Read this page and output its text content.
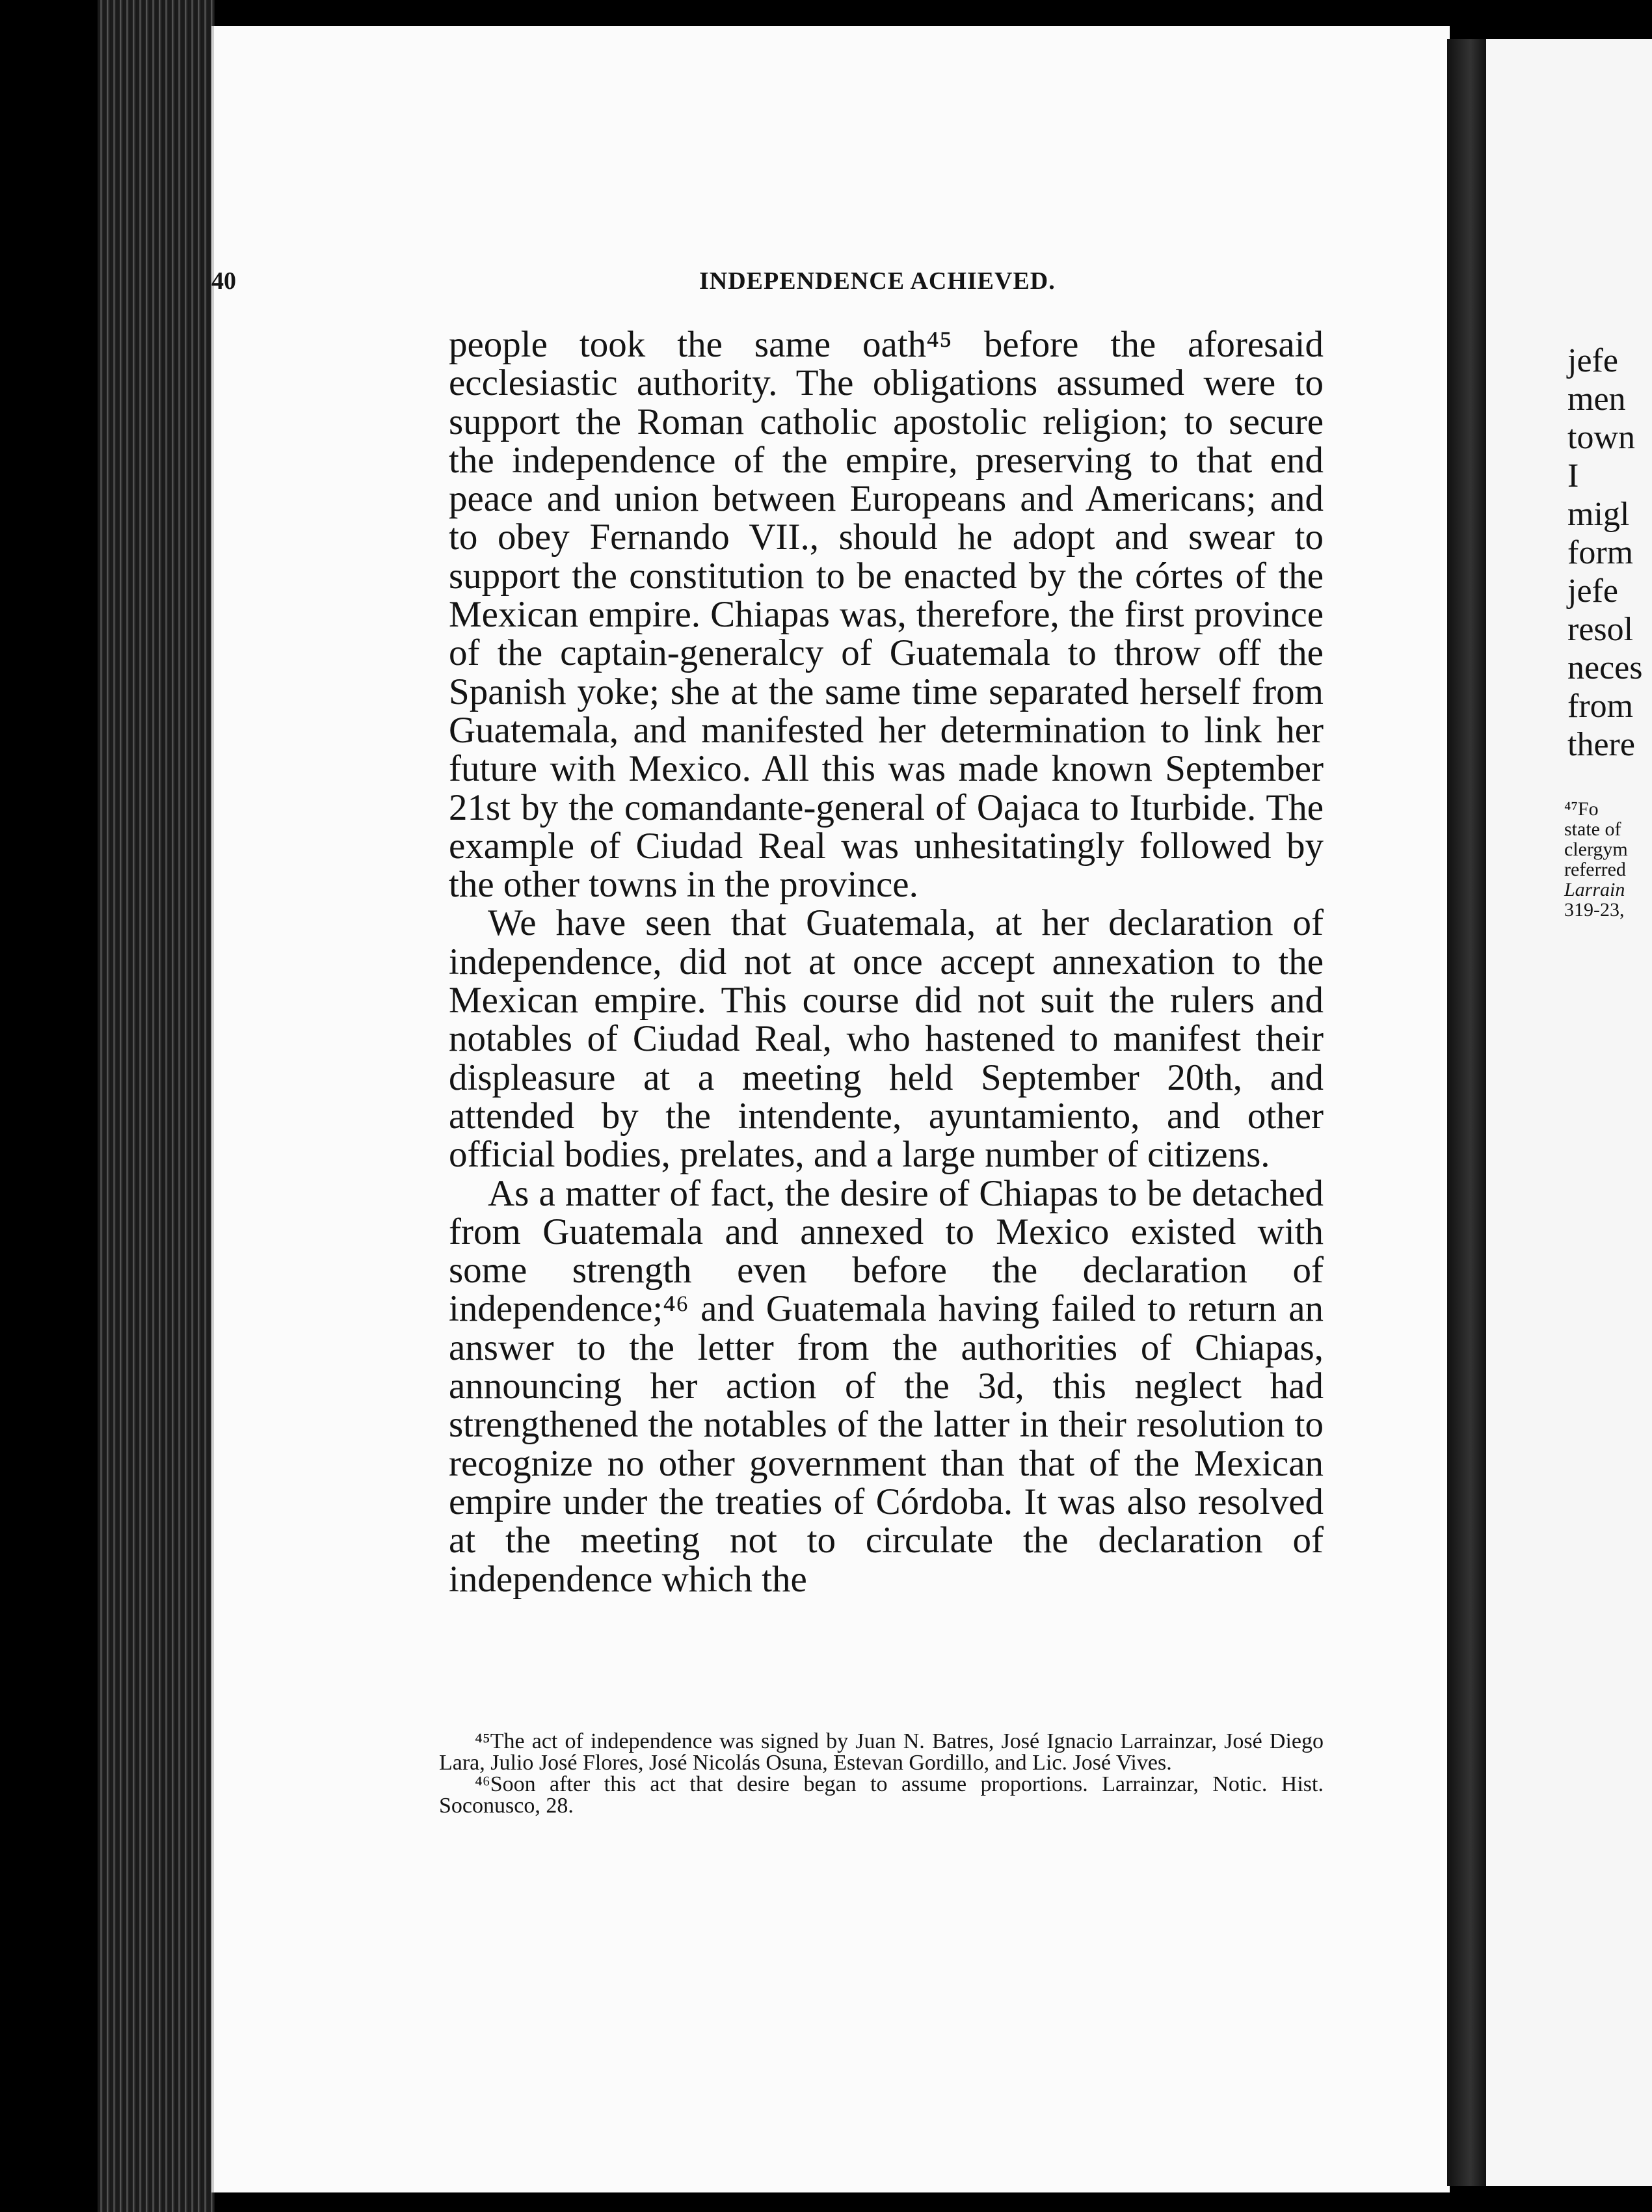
40	INDEPENDENCE ACHIEVED.

people took the same oath⁴⁵ before the aforesaid ecclesiastic authority. The obligations assumed were to support the Roman catholic apostolic religion; to secure the independence of the empire, preserving to that end peace and union between Europeans and Americans; and to obey Fernando VII., should he adopt and swear to support the constitution to be enacted by the córtes of the Mexican empire. Chiapas was, therefore, the first province of the captain-generalcy of Guatemala to throw off the Spanish yoke; she at the same time separated herself from Guatemala, and manifested her determination to link her future with Mexico. All this was made known September 21st by the comandante-general of Oajaca to Iturbide. The example of Ciudad Real was unhesitatingly followed by the other towns in the province.

We have seen that Guatemala, at her declaration of independence, did not at once accept annexation to the Mexican empire. This course did not suit the rulers and notables of Ciudad Real, who hastened to manifest their displeasure at a meeting held September 20th, and attended by the intendente, ayuntamiento, and other official bodies, prelates, and a large number of citizens.

As a matter of fact, the desire of Chiapas to be detached from Guatemala and annexed to Mexico existed with some strength even before the declaration of independence;⁴⁶ and Guatemala having failed to return an answer to the letter from the authorities of Chiapas, announcing her action of the 3d, this neglect had strengthened the notables of the latter in their resolution to recognize no other government than that of the Mexican empire under the treaties of Córdoba. It was also resolved at the meeting not to circulate the declaration of independence which the

⁴⁵The act of independence was signed by Juan N. Batres, José Ignacio Larrainzar, José Diego Lara, Julio José Flores, José Nicolás Osuna, Estevan Gordillo, and Lic. José Vives.

⁴⁶Soon after this act that desire began to assume proportions. Larrainzar, Notic. Hist. Soconusco, 28.

jefe
men
town
I
migl
form
jefe
resol
neces
from
there
⁴⁷Fo
state of
clergym
referred
Larrain
319-23,
